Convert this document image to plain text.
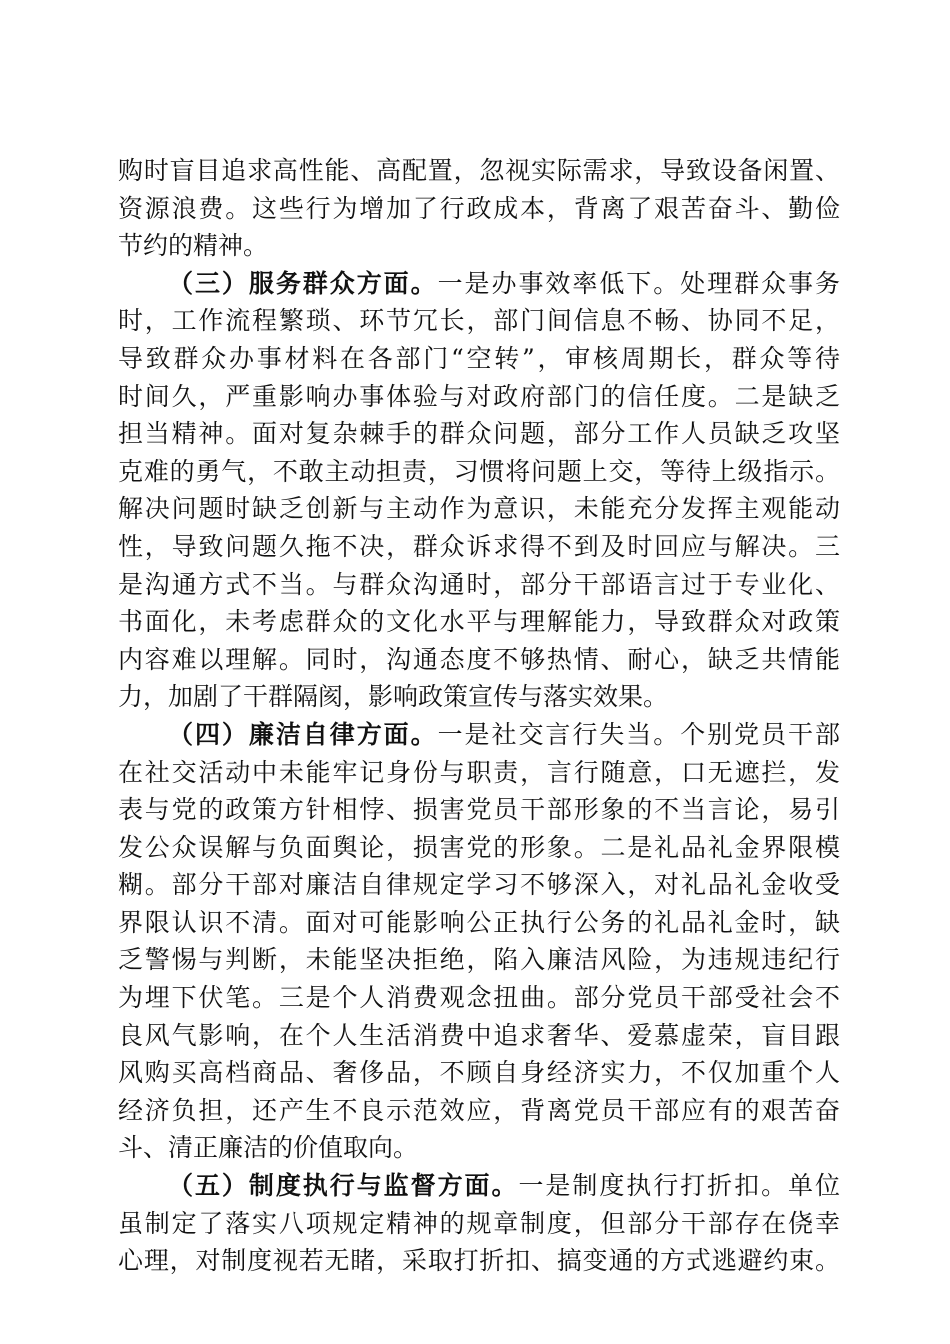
购时盲目追求高性能、高配置，忽视实际需求，导致设备闲置、
资源浪费。这些行为增加了行政成本，背离了艰苦奋斗、勤俭
节约的精神。
（三）服务群众方面。一是办事效率低下。处理群众事务
时，工作流程繁琐、环节冗长，部门间信息不畅、协同不足，
导致群众办事材料在各部门“空转”，审核周期长，群众等待
时间久，严重影响办事体验与对政府部门的信任度。二是缺乏
担当精神。面对复杂棘手的群众问题，部分工作人员缺乏攻坚
克难的勇气，不敢主动担责，习惯将问题上交，等待上级指示。
解决问题时缺乏创新与主动作为意识，未能充分发挥主观能动
性，导致问题久拖不决，群众诉求得不到及时回应与解决。三
是沟通方式不当。与群众沟通时，部分干部语言过于专业化、
书面化，未考虑群众的文化水平与理解能力，导致群众对政策
内容难以理解。同时，沟通态度不够热情、耐心，缺乏共情能
力，加剧了干群隔阂，影响政策宣传与落实效果。
（四）廉洁自律方面。一是社交言行失当。个别党员干部
在社交活动中未能牢记身份与职责，言行随意，口无遮拦，发
表与党的政策方针相悖、损害党员干部形象的不当言论，易引
发公众误解与负面舆论，损害党的形象。二是礼品礼金界限模
糊。部分干部对廉洁自律规定学习不够深入，对礼品礼金收受
界限认识不清。面对可能影响公正执行公务的礼品礼金时，缺
乏警惕与判断，未能坚决拒绝，陷入廉洁风险，为违规违纪行
为埋下伏笔。三是个人消费观念扭曲。部分党员干部受社会不
良风气影响，在个人生活消费中追求奢华、爱慕虚荣，盲目跟
风购买高档商品、奢侈品，不顾自身经济实力，不仅加重个人
经济负担，还产生不良示范效应，背离党员干部应有的艰苦奋
斗、清正廉洁的价值取向。
（五）制度执行与监督方面。一是制度执行打折扣。单位
虽制定了落实八项规定精神的规章制度，但部分干部存在侥幸
心理，对制度视若无睹，采取打折扣、搞变通的方式逃避约束。
